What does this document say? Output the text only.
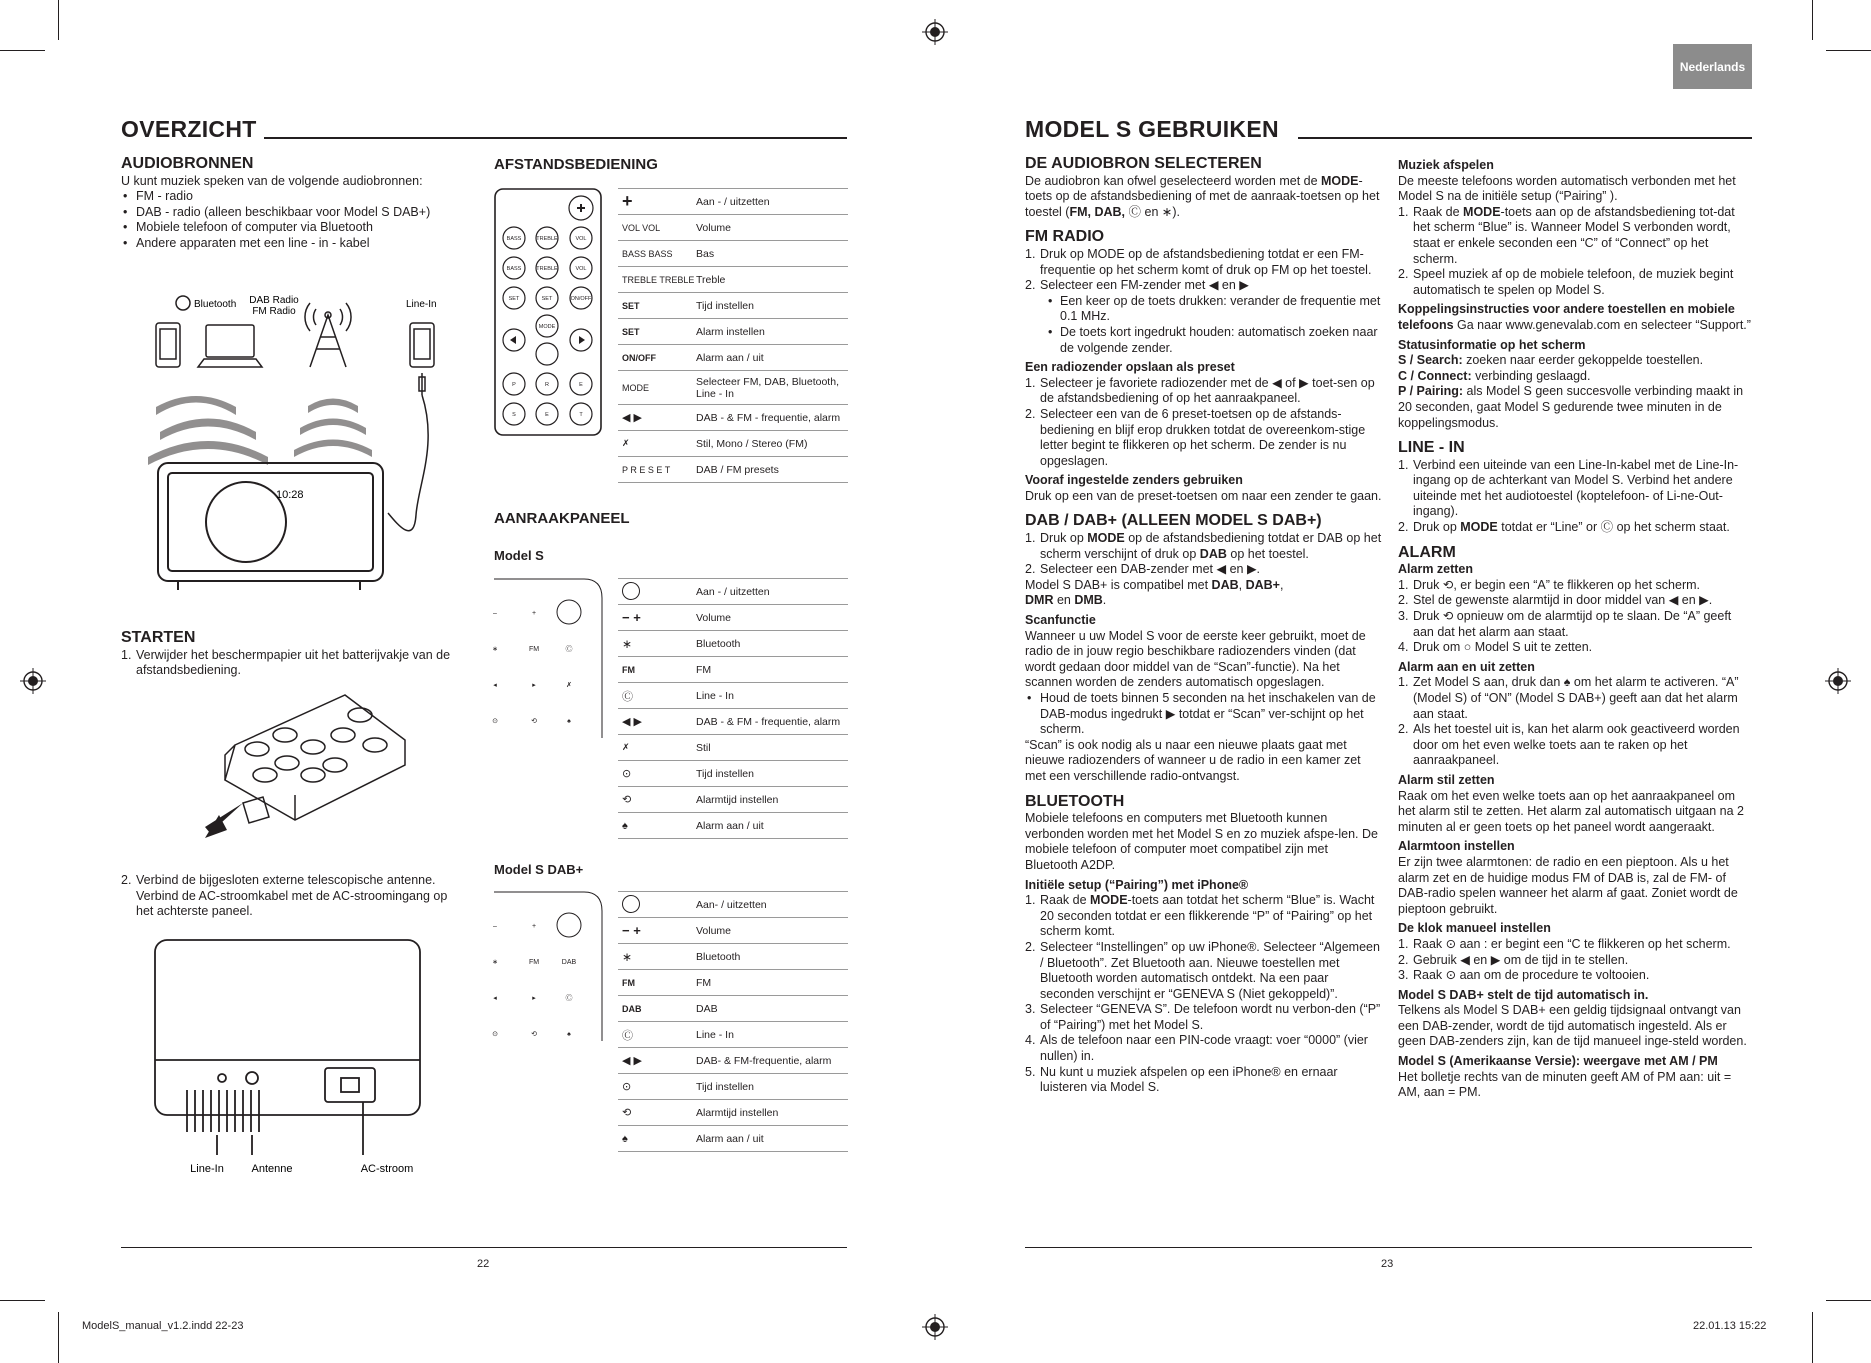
Nederlands
OVERZICHT
AUDIOBRONNEN

U kunt muziek speken van de volgende audiobronnen:

• FM - radio
• DAB - radio (alleen beschikbaar voor Model S DAB+)
• Mobiele telefoon of computer via Bluetooth
• Andere apparaten met een line - in - kabel
DAB Radio
FM Radio
Bluetooth	Line-In
10:28
STARTEN
1. Verwijder het beschermpapier uit het batterijvakje van de afstandsbediening.
2. Verbind de bijgesloten externe telescopische antenne. Verbind de AC-stroomkabel met de AC-stroomingang op het achterste paneel.
Line-In	Antenne	AC-stroom
AFSTANDSBEDIENING
BASS	TREBLE	VOL
BASS	TREBLE	VOL
SET	SET	ON/OFF
MODE
P	R	E
S	E	T
+	Aan - / uitzetten
VOL VOL	Volume
BASS BASS	Bas
TREBLE TREBLE Treble
SET	Tijd instellen
SET	Alarm instellen
ON/OFF	Alarm aan / uit
MODE	Selecteer FM, DAB, Bluetooth, Line - In
◀ ▶	DAB - & FM - frequentie, alarm
✗	Stil, Mono / Stereo (FM)
P R E S E T	DAB / FM presets
AANRAAKPANEEL
Model S
–	+
∗	FM	Ⓒ
◂	▸	✗
⊙	⟲	♠
Aan - / uitzetten
− +	Volume
∗	Bluetooth
FM	FM
Ⓒ	Line - In
◀ ▶	DAB - & FM - frequentie, alarm
✗	Stil
⊙	Tijd instellen
⟲	Alarmtijd instellen
♠	Alarm aan / uit
Model S DAB+
–	+
∗	FM	DAB
◂	▸	Ⓒ
⊙	⟲	♠
Aan- / uitzetten
− +	Volume
∗	Bluetooth
FM	FM
DAB	DAB
Ⓒ	Line - In
◀ ▶	DAB- & FM-frequentie, alarm
⊙	Tijd instellen
⟲	Alarmtijd instellen
♠	Alarm aan / uit
22
MODEL S GEBRUIKEN
DE AUDIOBRON SELECTEREN

De audiobron kan ofwel geselecteerd worden met de MODE-toets op de afstandsbediening of met de aanraak-toetsen op het toestel (FM, DAB, Ⓒ en ∗).

FM RADIO
1. Druk op MODE op de afstandsbediening totdat er een FM-frequentie op het scherm komt of druk op FM op het toestel.
2. Selecteer een FM-zender met ◀ en ▶
• Een keer op de toets drukken: verander de frequentie met 0.1 MHz.
• De toets kort ingedrukt houden: automatisch zoeken naar de volgende zender.
Een radiozender opslaan als preset
1. Selecteer je favoriete radiozender met de ◀ of ▶ toet-sen op de afstandsbediening of op het aanraakpaneel.
2. Selecteer een van de 6 preset-toetsen op de afstands-bediening en blijf erop drukken totdat de overeenkom-stige letter begint te flikkeren op het scherm. De zender is nu opgeslagen.
Vooraf ingestelde zenders gebruiken

Druk op een van de preset-toetsen om naar een zender te gaan.

DAB / DAB+ (ALLEEN MODEL S DAB+)
1. Druk op MODE op de afstandsbediening totdat er DAB op het scherm verschijnt of druk op DAB op het toestel.
2. Selecteer een DAB-zender met ◀ en ▶.

Model S DAB+ is compatibel met DAB, DAB+,
DMR en DMB.

Scanfunctie

Wanneer u uw Model S voor de eerste keer gebruikt, moet de radio de in jouw regio beschikbare radiozenders vinden (dat wordt gedaan door middel van de “Scan”-functie). Na het scannen worden de zenders automatisch opgeslagen.

• Houd de toets binnen 5 seconden na het inschakelen van de DAB-modus ingedrukt ▶ totdat er “Scan” ver-schijnt op het scherm.

“Scan” is ook nodig als u naar een nieuwe plaats gaat met nieuwe radiozenders of wanneer u de radio in een kamer zet met een verschillende radio-ontvangst.

BLUETOOTH

Mobiele telefoons en computers met Bluetooth kunnen verbonden worden met het Model S en zo muziek afspe-len. De mobiele telefoon of computer moet compatibel zijn met Bluetooth A2DP.

Initiële setup (“Pairing”) met iPhone®
1. Raak de MODE-toets aan totdat het scherm “Blue” is. Wacht 20 seconden totdat er een flikkerende “P” of “Pairing” op het scherm komt.
2. Selecteer “Instellingen” op uw iPhone®. Selecteer “Algemeen / Bluetooth”. Zet Bluetooth aan. Nieuwe toestellen met Bluetooth worden automatisch ontdekt. Na een paar seconden verschijnt er “GENEVA S (Niet gekoppeld)”.
3. Selecteer “GENEVA S”. De telefoon wordt nu verbon-den (“P” of “Pairing”) met het Model S.
4. Als de telefoon naar een PIN-code vraagt: voer “0000” (vier nullen) in.
5. Nu kunt u muziek afspelen op een iPhone® en ernaar luisteren via Model S.
Muziek afspelen

De meeste telefoons worden automatisch verbonden met het Model S na de initiële setup (“Pairing” ).

1. Raak de MODE-toets aan op de afstandsbediening tot-dat het scherm “Blue” is. Wanneer Model S verbonden wordt, staat er enkele seconden een “C” of “Connect” op het scherm.
2. Speel muziek af op de mobiele telefoon, de muziek begint automatisch te spelen op Model S.

Koppelingsinstructies voor andere toestellen en mobiele telefoons Ga naar www.genevalab.com en selecteer “Support.”

Statusinformatie op het scherm

S / Search: zoeken naar eerder gekoppelde toestellen.

C / Connect: verbinding geslaagd.

P / Pairing: als Model S geen succesvolle verbinding maakt in 20 seconden, gaat Model S gedurende twee minuten in de koppelingsmodus.

LINE - IN
1. Verbind een uiteinde van een Line-In-kabel met de Line-In-ingang op de achterkant van Model S. Verbind het andere uiteinde met het audiotoestel (koptelefoon- of Li-ne-Out-ingang).
2. Druk op MODE totdat er “Line” or Ⓒ op het scherm staat.
ALARM
Alarm zetten
1. Druk ⟲, er begin een “A” te flikkeren op het scherm.
2. Stel de gewenste alarmtijd in door middel van ◀ en ▶.
3. Druk ⟲ opnieuw om de alarmtijd op te slaan. De “A” geeft aan dat het alarm aan staat.
4. Druk om ○ Model S uit te zetten.
Alarm aan en uit zetten
1. Zet Model S aan, druk dan ♠ om het alarm te activeren. “A” (Model S) of “ON” (Model S DAB+) geeft aan dat het alarm aan staat.
2. Als het toestel uit is, kan het alarm ook geactiveerd worden door om het even welke toets aan te raken op het aanraakpaneel.
Alarm stil zetten

Raak om het even welke toets aan op het aanraakpaneel om het alarm stil te zetten. Het alarm zal automatisch uitgaan na 2 minuten al er geen toets op het paneel wordt aangeraakt.

Alarmtoon instellen

Er zijn twee alarmtonen: de radio en een pieptoon. Als u het alarm zet en de huidige modus FM of DAB is, zal de FM- of DAB-radio spelen wanneer het alarm af gaat. Zoniet wordt de pieptoon gebruikt.

De klok manueel instellen
1. Raak ⊙ aan : er begint een “C te flikkeren op het scherm.
2. Gebruik ◀ en ▶ om de tijd in te stellen.
3. Raak ⊙ aan om de procedure te voltooien.
Model S DAB+ stelt de tijd automatisch in.

Telkens als Model S DAB+ een geldig tijdsignaal ontvangt van een DAB-zender, wordt de tijd automatisch ingesteld. Als er geen DAB-zenders zijn, kan de tijd manueel inge-steld worden.

Model S (Amerikaanse Versie): weergave met AM / PM

Het bolletje rechts van de minuten geeft AM of PM aan: uit = AM, aan = PM.

23
ModelS_manual_v1.2.indd 22-23	22.01.13 15:22
